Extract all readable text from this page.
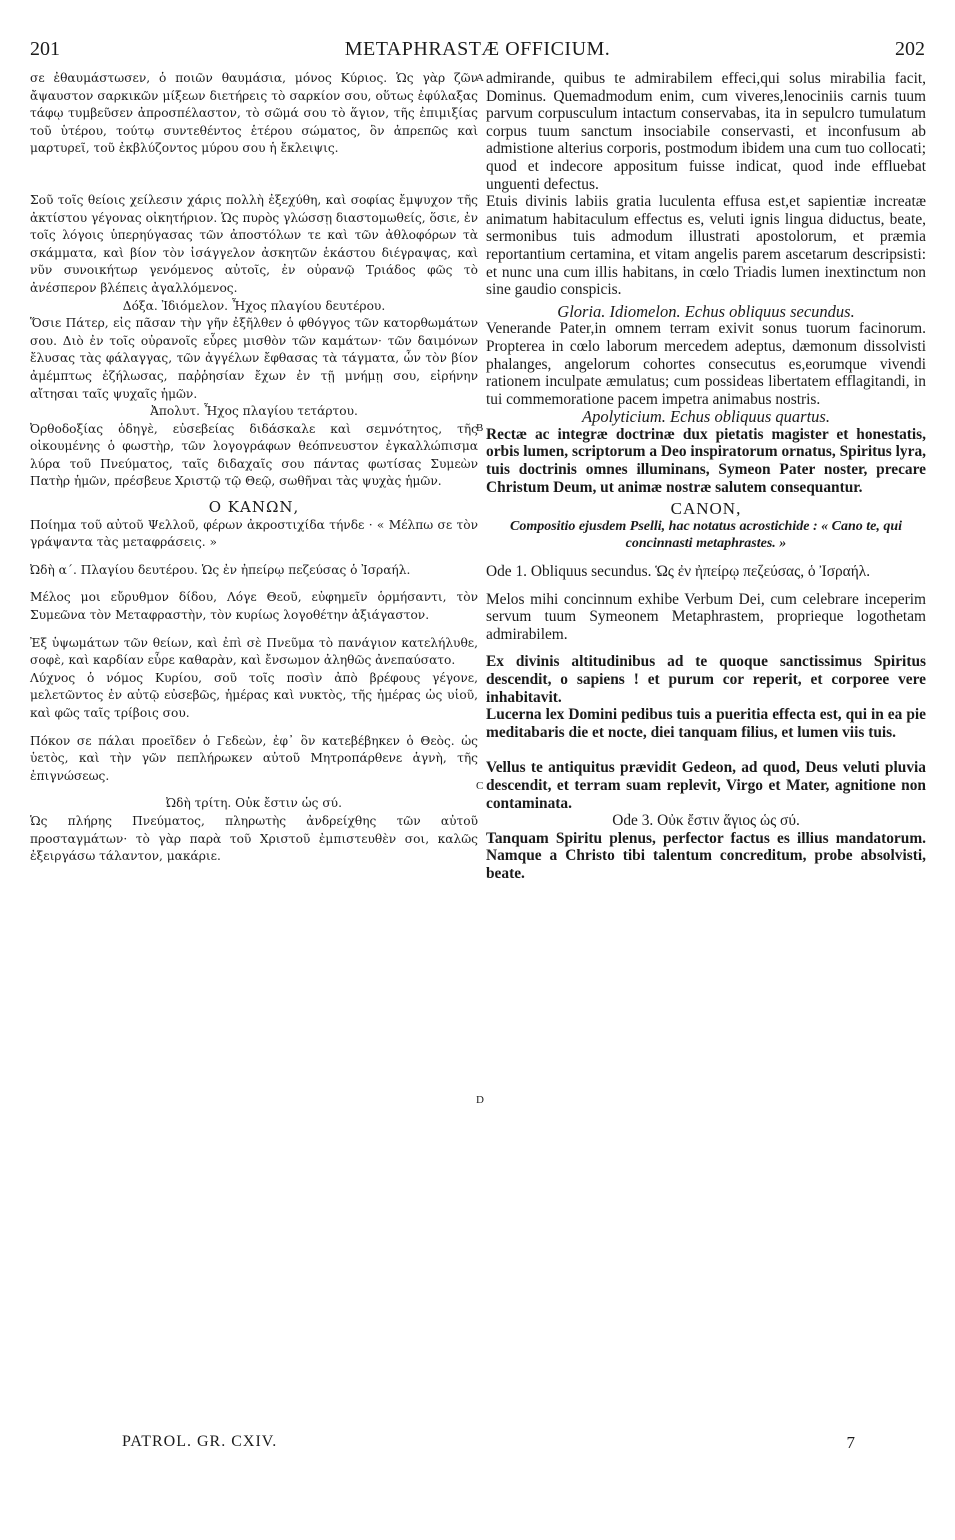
201	METAPHRASTÆ OFFICIUM.	202

σε ἐθαυμάστωσεν, ὁ ποιῶν θαυμάσια, μόνος Κύριος. Ὡς γὰρ ζῶν ἄψαυστον σαρκικῶν μίξεων διετήρεις τὸ σαρκίον σου, οὕτως ἐφύλαξας τάφῳ τυμβεῦσεν ἀπροσπέλαστον, τὸ σῶμά σου τὸ ἅγιον, τῆς ἐπιμιξίας τοῦ ὑτέρου, τούτῳ συντεθέντος ἑτέρου σώματος, ὃν ἀπρεπῶς καὶ μαρτυρεῖ, τοῦ ἐκβλύζοντος μύρου σου ἡ ἔκλειψις.

Σοῦ τοῖς θείοις χείλεσιν χάρις πολλὴ ἐξεχύθη, καὶ σοφίας ἔμψυχον τῆς ἀκτίστου γέγονας οἰκητήριον. Ὡς πυρὸς γλώσσῃ διαστομωθείς, ὅσιε, ἐν τοῖς λόγοις ὑπερηύγασας τῶν ἀποστόλων τε καὶ τῶν ἀθλοφόρων τὰ σκάμματα, καὶ βίον τὸν ἰσάγγελον ἀσκητῶν ἑκάστου διέγραψας, καὶ νῦν συνοικήτωρ γενόμενος αὐτοῖς, ἐν οὐρανῷ Τριάδος φῶς τὸ ἀνέσπερον βλέπεις ἀγαλλόμενος.

Δόξα. Ἰδιόμελον. Ἦχος πλαγίου δευτέρου.

Ὅσιε Πάτερ, εἰς πᾶσαν τὴν γῆν ἐξῆλθεν ὁ φθόγγος τῶν κατορθωμάτων σου. Διὸ ἐν τοῖς οὐρανοῖς εὗρες μισθὸν τῶν καμάτων· τῶν δαιμόνων ἔλυσας τὰς φάλαγγας, τῶν ἀγγέλων ἔφθασας τὰ τάγματα, ὧν τὸν βίον ἀμέμπτως ἐζήλωσας, παῤῥησίαν ἔχων ἐν τῇ μνήμῃ σου, εἰρήνην αἴτησαι ταῖς ψυχαῖς ἡμῶν.

Ἀπολυτ. Ἦχος πλαγίου τετάρτου.

Ὀρθοδοξίας ὁδηγὲ, εὐσεβείας διδάσκαλε καὶ σεμνότητος, τῆς οἰκουμένης ὁ φωστὴρ, τῶν λογογράφων θεόπνευστον ἐγκαλλώπισμα λύρα τοῦ Πνεύματος, ταῖς διδαχαῖς σου πάντας φωτίσας Συμεὼν Πατὴρ ἡμῶν, πρέσβευε Χριστῷ τῷ Θεῷ, σωθῆναι τὰς ψυχὰς ἡμῶν.

Ο ΚΑΝΩΝ,

Ποίημα τοῦ αὐτοῦ Ψελλοῦ, φέρων ἀκροστιχίδα τήνδε · « Μέλπω σε τὸν γράψαντα τὰς μεταφράσεις. »

Ὠδὴ α΄. Πλαγίου δευτέρου. Ὡς ἐν ἠπείρῳ πεζεύσας ὁ Ἰσραήλ.

Μέλος μοι εὔρυθμον δίδου, Λόγε Θεοῦ, εὐφημεῖν ὁρμήσαντι, τὸν Συμεῶνα τὸν Μεταφραστὴν, τὸν κυρίως λογοθέτην ἀξιάγαστον.

Ἐξ ὑψωμάτων τῶν θείων, καὶ ἐπὶ σὲ Πνεῦμα τὸ πανάγιον κατελήλυθε, σοφὲ, καὶ καρδίαν εὗρε καθαρὰν, καὶ ἔνσωμον ἀληθῶς ἀνεπαύσατο.

Λύχνος ὁ νόμος Κυρίου, σοῦ τοῖς ποσὶν ἀπὸ βρέφους γέγονε, μελετῶντος ἐν αὐτῷ εὐσεβῶς, ἡμέρας καὶ νυκτὸς, τῆς ἡμέρας ὡς υἱοῦ, καὶ φῶς ταῖς τρίβοις σου.

Πόκον σε πάλαι προεῖδεν ὁ Γεδεὼν, ἐφ᾽ ὃν κατεβέβηκεν ὁ Θεὸς. ὡς ὑετὸς, καὶ τὴν γῶν πεπλήρωκεν αὐτοῦ Μητροπάρθενε ἁγνὴ, τῆς ἐπιγνώσεως.

Ὠδὴ τρίτη. Οὐκ ἔστιν ὡς σύ.

Ὡς πλήρης Πνεύματος, πληρωτὴς ἀνδρείχθης τῶν αὐτοῦ προσταγμάτων· τὸ γὰρ παρὰ τοῦ Χριστοῦ ἐμπιστευθὲν σοι, καλῶς ἐξειργάσω τάλαντον, μακάριε.

A
B
C
D

admirande, quibus te admirabilem effeci,qui solus mirabilia facit, Dominus. Quemadmodum enim, cum viveres,lenociniis carnis tuum parvum corpusculum intactum conservabas, ita in sepulcro tumulatum corpus tuum sanctum insociabile conservasti, et inconfusum ab admistione alterius corporis, postmodum ibidem una cum tuo collocati; quod et indecore appositum fuisse indicat, quod inde effluebat unguenti defectus.

Etuis divinis labiis gratia luculenta effusa est,et sapientiæ increatæ animatum habitaculum effectus es, veluti ignis lingua diductus, beate, sermonibus tuis admodum illustrati apostolorum, et præmia reportantium certamina, et vitam angelis parem ascetarum descripsisti: et nunc una cum illis habitans, in cœlo Triadis lumen inextinctum non sine gaudio conspicis.

Gloria. Idiomelon. Echus obliquus secundus.

Venerande Pater,in omnem terram exivit sonus tuorum facinorum. Propterea in cœlo laborum mercedem adeptus, dæmonum dissolvisti phalanges, angelorum cohortes consecutus es,eorumque vivendi rationem inculpate æmulatus; cum possideas libertatem efflagitandi, in tui commemoratione pacem impetra animabus nostris.

Apolyticium. Echus obliquus quartus.

Rectæ ac integræ doctrinæ dux pietatis magister et honestatis, orbis lumen, scriptorum a Deo inspiratorum ornatus, Spiritus lyra, tuis doctrinis omnes illuminans, Symeon Pater noster, precare Christum Deum, ut animæ nostræ salutem consequantur.

CANON,

Compositio ejusdem Pselli, hac notatus acrostichide : « Cano te, qui concinnasti metaphrastes. »

Ode 1. Obliquus secundus. Ὡς ἐν ἠπείρῳ πεζεύσας, ὁ Ἰσραήλ.

Melos mihi concinnum exhibe Verbum Dei, cum celebrare inceperim servum tuum Symeonem Metaphrastem, proprieque logothetam admirabilem.

Ex divinis altitudinibus ad te quoque sanctissimus Spiritus descendit, o sapiens ! et purum cor reperit, et corporee vere inhabitavit.

Lucerna lex Domini pedibus tuis a pueritia effecta est, qui in ea pie meditabaris die et nocte, diei tanquam filius, et lumen viis tuis.

Vellus te antiquitus prævidit Gedeon, ad quod, Deus veluti pluvia descendit, et terram suam replevit, Virgo et Mater, agnitione non contaminata.

Ode 3. Οὐκ ἔστιν ἅγιος ὡς σύ.

Tanquam Spiritu plenus, perfector factus es illius mandatorum. Namque a Christo tibi talentum concreditum, probe absolvisti, beate.

PATROL. GR. CXIV.	7
